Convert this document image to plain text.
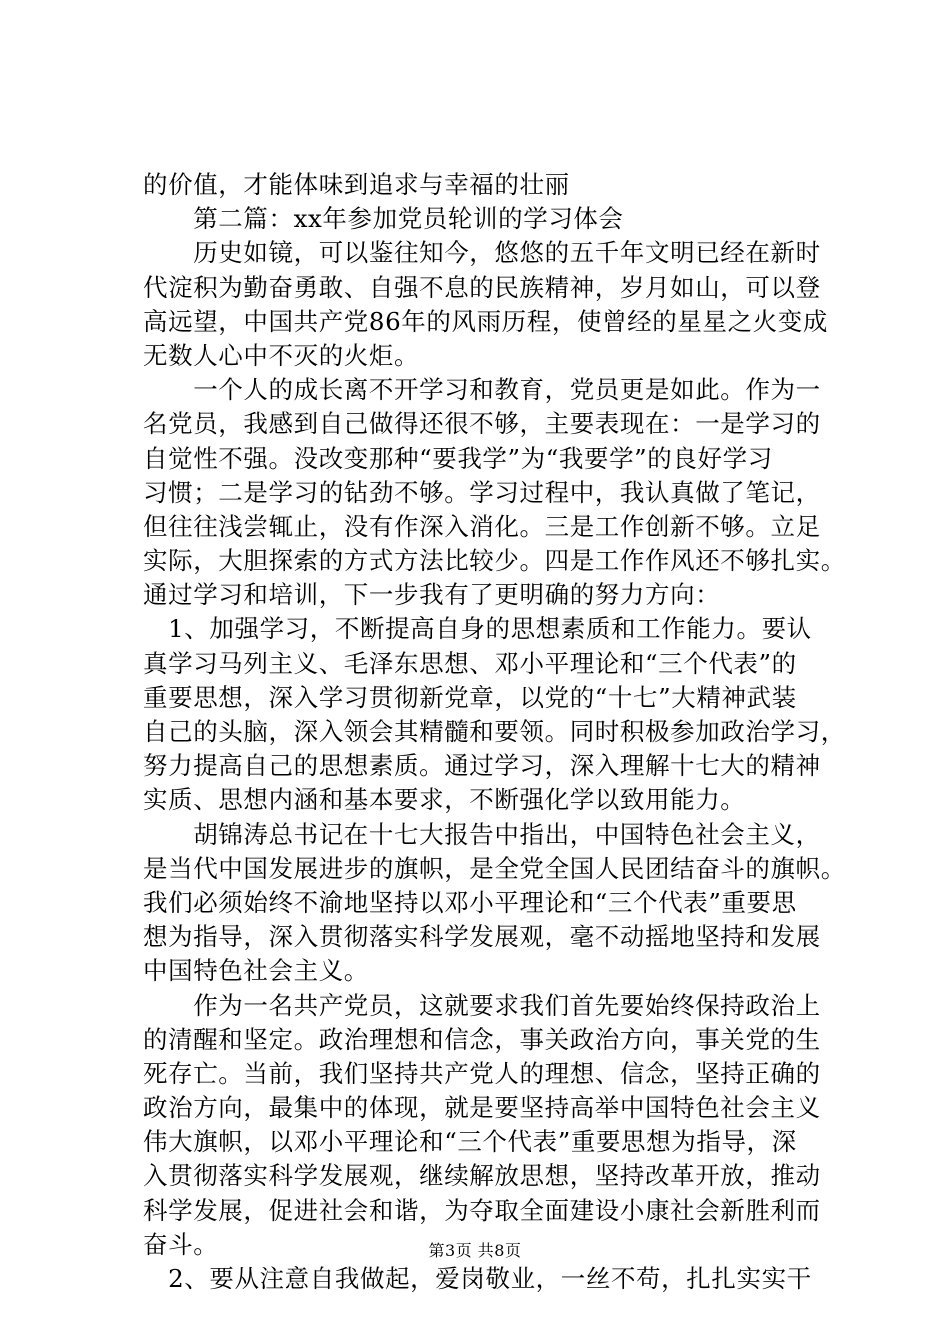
的价值，才能体味到追求与幸福的壮丽
　　第二篇：xx年参加党员轮训的学习体会
　　历史如镜，可以鉴往知今，悠悠的五千年文明已经在新时
代淀积为勤奋勇敢、自强不息的民族精神，岁月如山，可以登
高远望，中国共产党86年的风雨历程，使曾经的星星之火变成
无数人心中不灭的火炬。
　　一个人的成长离不开学习和教育，党员更是如此。作为一
名党员，我感到自己做得还很不够，主要表现在：一是学习的
自觉性不强。没改变那种“要我学”为“我要学”的良好学习
习惯；二是学习的钻劲不够。学习过程中，我认真做了笔记，
但往往浅尝辄止，没有作深入消化。三是工作创新不够。立足
实际，大胆探索的方式方法比较少。四是工作作风还不够扎实。
通过学习和培训，下一步我有了更明确的努力方向：
　1、加强学习，不断提高自身的思想素质和工作能力。要认
真学习马列主义、毛泽东思想、邓小平理论和“三个代表”的
重要思想，深入学习贯彻新党章，以党的“十七”大精神武装
自己的头脑，深入领会其精髓和要领。同时积极参加政治学习，
努力提高自己的思想素质。通过学习，深入理解十七大的精神
实质、思想内涵和基本要求，不断强化学以致用能力。
　　胡锦涛总书记在十七大报告中指出，中国特色社会主义，
是当代中国发展进步的旗帜，是全党全国人民团结奋斗的旗帜。
我们必须始终不渝地坚持以邓小平理论和“三个代表”重要思
想为指导，深入贯彻落实科学发展观，毫不动摇地坚持和发展
中国特色社会主义。
　　作为一名共产党员，这就要求我们首先要始终保持政治上
的清醒和坚定。政治理想和信念，事关政治方向，事关党的生
死存亡。当前，我们坚持共产党人的理想、信念，坚持正确的
政治方向，最集中的体现，就是要坚持高举中国特色社会主义
伟大旗帜，以邓小平理论和“三个代表”重要思想为指导，深
入贯彻落实科学发展观，继续解放思想，坚持改革开放，推动
科学发展，促进社会和谐，为夺取全面建设小康社会新胜利而
奋斗。
　2、要从注意自我做起，爱岗敬业，一丝不苟，扎扎实实干
第3页 共8页
